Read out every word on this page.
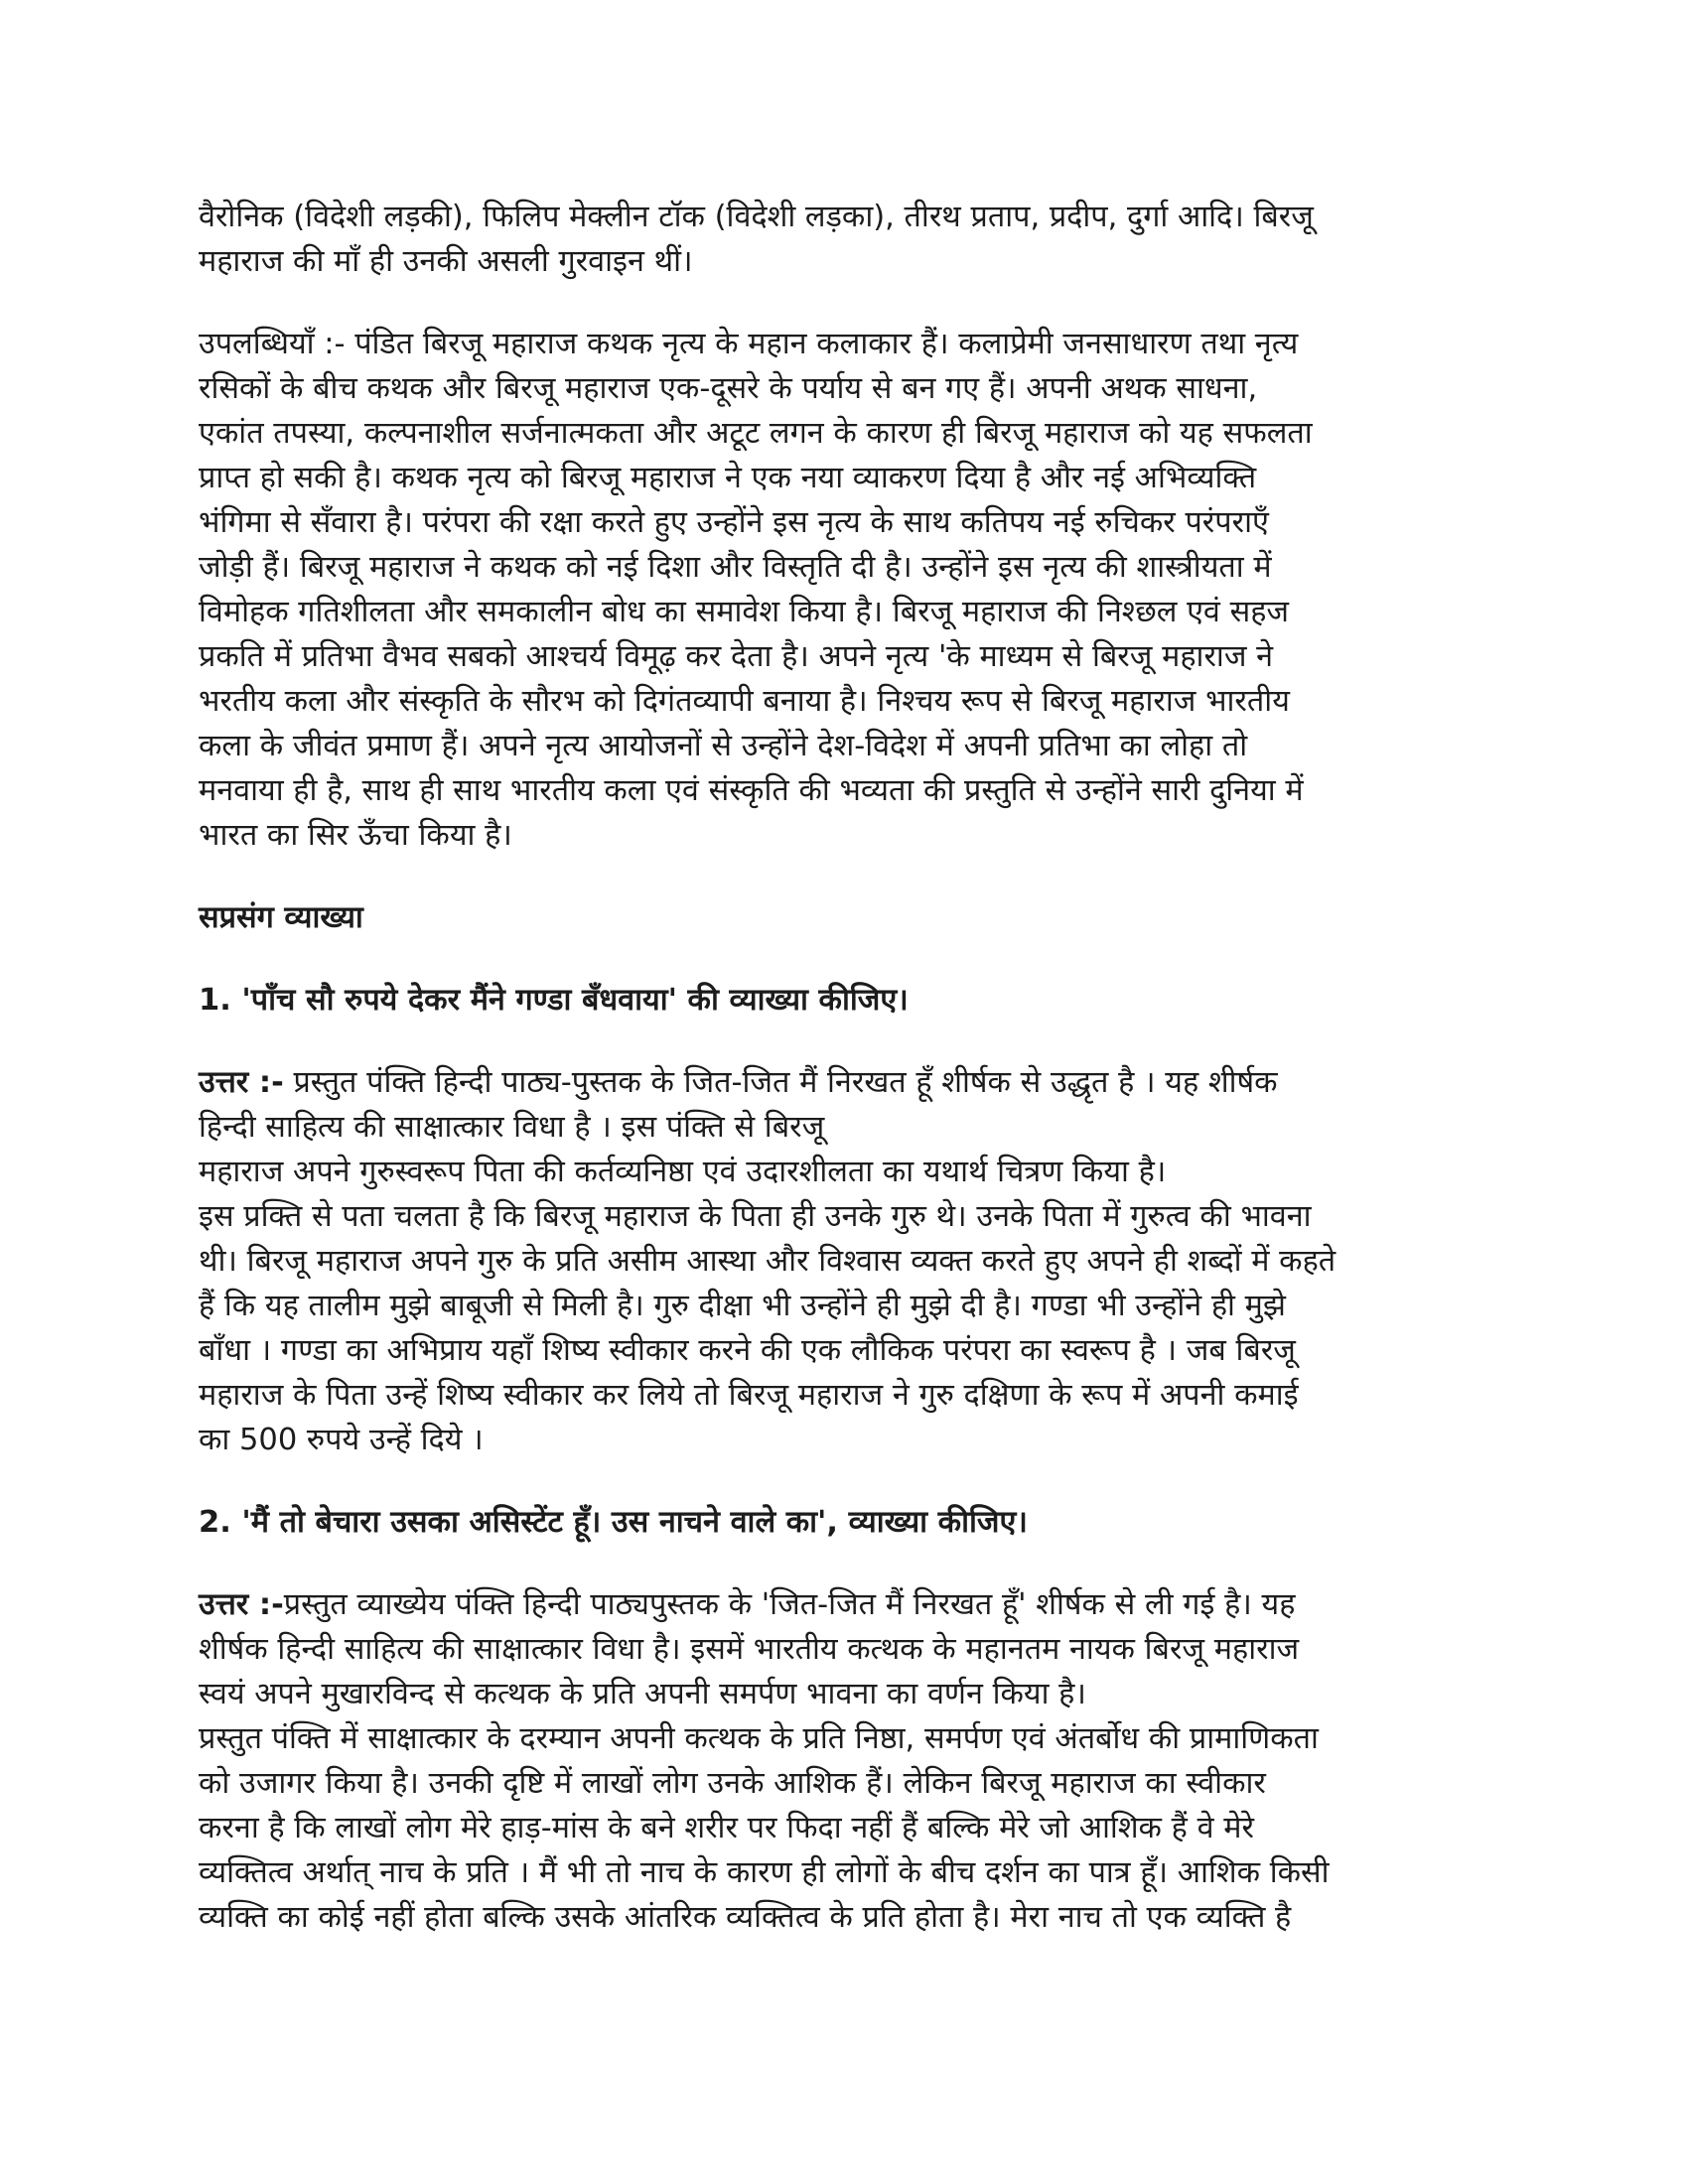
वैरोनिक (विदेशी लड़की), फिलिप मेक्लीन टॉक (विदेशी लड़का), तीरथ प्रताप, प्रदीप, दुर्गा आदि। बिरजू
महाराज की माँ ही उनकी असली गुरवाइन थीं।
उपलब्धियाँ :- पंडित बिरजू महाराज कथक नृत्य के महान कलाकार हैं। कलाप्रेमी जनसाधारण तथा नृत्य
रसिकों के बीच कथक और बिरजू महाराज एक-दूसरे के पर्याय से बन गए हैं। अपनी अथक साधना,
एकांत तपस्या, कल्पनाशील सर्जनात्मकता और अटूट लगन के कारण ही बिरजू महाराज को यह सफलता
प्राप्त हो सकी है। कथक नृत्य को बिरजू महाराज ने एक नया व्याकरण दिया है और नई अभिव्यक्ति
भंगिमा से सँवारा है। परंपरा की रक्षा करते हुए उन्होंने इस नृत्य के साथ कतिपय नई रुचिकर परंपराएँ
जोड़ी हैं। बिरजू महाराज ने कथक को नई दिशा और विस्तृति दी है। उन्होंने इस नृत्य की शास्त्रीयता में
विमोहक गतिशीलता और समकालीन बोध का समावेश किया है। बिरजू महाराज की निश्छल एवं सहज
प्रकति में प्रतिभा वैभव सबको आश्चर्य विमूढ़ कर देता है। अपने नृत्य 'के माध्यम से बिरजू महाराज ने
भरतीय कला और संस्कृति के सौरभ को दिगंतव्यापी बनाया है। निश्चय रूप से बिरजू महाराज भारतीय
कला के जीवंत प्रमाण हैं। अपने नृत्य आयोजनों से उन्होंने देश-विदेश में अपनी प्रतिभा का लोहा तो
मनवाया ही है, साथ ही साथ भारतीय कला एवं संस्कृति की भव्यता की प्रस्तुति से उन्होंने सारी दुनिया में
भारत का सिर ऊँचा किया है।
सप्रसंग व्याख्या
1. 'पाँच सौ रुपये देकर मैंने गण्डा बँधवाया' की व्याख्या कीजिए।
उत्तर :- प्रस्तुत पंक्ति हिन्दी पाठ्य-पुस्तक के जित-जित मैं निरखत हूँ शीर्षक से उद्धृत है । यह शीर्षक
हिन्दी साहित्य की साक्षात्कार विधा है । इस पंक्ति से बिरजू
महाराज अपने गुरुस्वरूप पिता की कर्तव्यनिष्ठा एवं उदारशीलता का यथार्थ चित्रण किया है।
इस प्रक्ति से पता चलता है कि बिरजू महाराज के पिता ही उनके गुरु थे। उनके पिता में गुरुत्व की भावना
थी। बिरजू महाराज अपने गुरु के प्रति असीम आस्था और विश्वास व्यक्त करते हुए अपने ही शब्दों में कहते
हैं कि यह तालीम मुझे बाबूजी से मिली है। गुरु दीक्षा भी उन्होंने ही मुझे दी है। गण्डा भी उन्होंने ही मुझे
बाँधा । गण्डा का अभिप्राय यहाँ शिष्य स्वीकार करने की एक लौकिक परंपरा का स्वरूप है । जब बिरजू
महाराज के पिता उन्हें शिष्य स्वीकार कर लिये तो बिरजू महाराज ने गुरु दक्षिणा के रूप में अपनी कमाई
का 500 रुपये उन्हें दिये ।
2. 'मैं तो बेचारा उसका असिस्टेंट हूँ। उस नाचने वाले का', व्याख्या कीजिए।
उत्तर :-प्रस्तुत व्याख्येय पंक्ति हिन्दी पाठ्यपुस्तक के 'जित-जित मैं निरखत हूँ' शीर्षक से ली गई है। यह
शीर्षक हिन्दी साहित्य की साक्षात्कार विधा है। इसमें भारतीय कत्थक के महानतम नायक बिरजू महाराज
स्वयं अपने मुखारविन्द से कत्थक के प्रति अपनी समर्पण भावना का वर्णन किया है।
प्रस्तुत पंक्ति में साक्षात्कार के दरम्यान अपनी कत्थक के प्रति निष्ठा, समर्पण एवं अंतर्बोध की प्रामाणिकता
को उजागर किया है। उनकी दृष्टि में लाखों लोग उनके आशिक हैं। लेकिन बिरजू महाराज का स्वीकार
करना है कि लाखों लोग मेरे हाड़-मांस के बने शरीर पर फिदा नहीं हैं बल्कि मेरे जो आशिक हैं वे मेरे
व्यक्तित्व अर्थात् नाच के प्रति । मैं भी तो नाच के कारण ही लोगों के बीच दर्शन का पात्र हूँ। आशिक किसी
व्यक्ति का कोई नहीं होता बल्कि उसके आंतरिक व्यक्तित्व के प्रति होता है। मेरा नाच तो एक व्यक्ति है
